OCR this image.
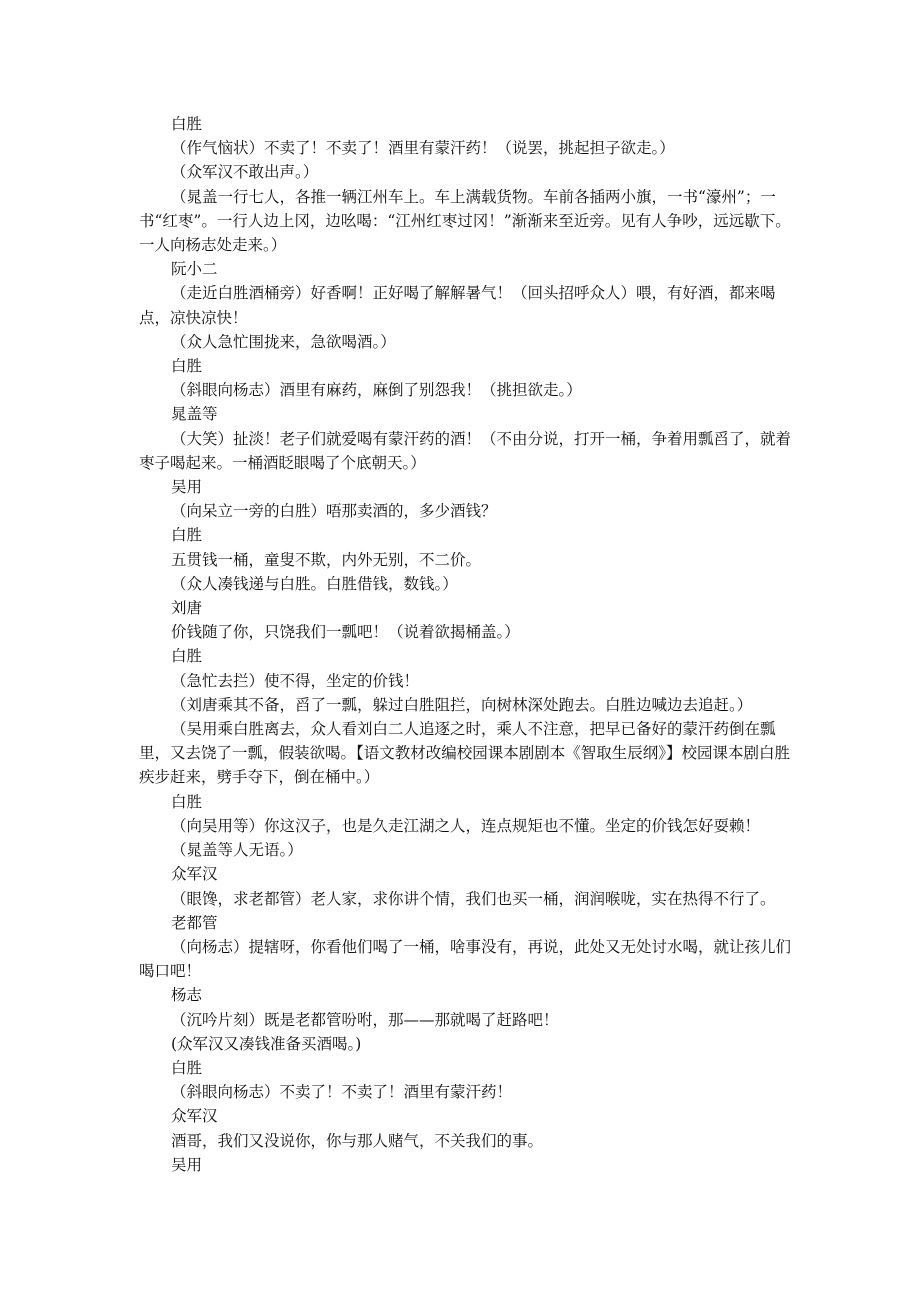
白胜

（作气恼状）不卖了！不卖了！酒里有蒙汗药！（说罢，挑起担子欲走。）

（众军汉不敢出声。）

（晁盖一行七人，各推一辆江州车上。车上满载货物。车前各插两小旗，一书“濠州”；一书“红枣”。一行人边上冈，边吆喝：“江州红枣过冈！”渐渐来至近旁。见有人争吵，远远歇下。一人向杨志处走来。）

阮小二

（走近白胜酒桶旁）好香啊！正好喝了解解暑气！（回头招呼众人）喂，有好酒，都来喝点，凉快凉快！

（众人急忙围拢来，急欲喝酒。）

白胜

（斜眼向杨志）酒里有麻药，麻倒了别怨我！（挑担欲走。）

晁盖等

（大笑）扯淡！老子们就爱喝有蒙汗药的酒！（不由分说，打开一桶，争着用瓢舀了，就着枣子喝起来。一桶酒眨眼喝了个底朝天。）

吴用

（向呆立一旁的白胜）唔那卖酒的，多少酒钱？

白胜

五贯钱一桶，童叟不欺，内外无别，不二价。

（众人凑钱递与白胜。白胜借钱，数钱。）

刘唐

价钱随了你，只饶我们一瓢吧！（说着欲揭桶盖。）

白胜

（急忙去拦）使不得，坐定的价钱！

（刘唐乘其不备，舀了一瓢，躲过白胜阻拦，向树林深处跑去。白胜边喊边去追赶。）

（吴用乘白胜离去，众人看刘白二人追逐之时，乘人不注意，把早已备好的蒙汗药倒在瓢里，又去饶了一瓢，假装欲喝。【语文教材改编校园课本剧剧本《智取生辰纲》】校园课本剧白胜疾步赶来，劈手夺下，倒在桶中。）

白胜

（向吴用等）你这汉子，也是久走江湖之人，连点规矩也不懂。坐定的价钱怎好耍赖！

（晁盖等人无语。）

众军汉

（眼馋，求老都管）老人家，求你讲个情，我们也买一桶，润润喉咙，实在热得不行了。

老都管

（向杨志）提辖呀，你看他们喝了一桶，啥事没有，再说，此处又无处讨水喝，就让孩儿们喝口吧！

杨志

（沉吟片刻）既是老都管吩咐，那——那就喝了赶路吧！

(众军汉又凑钱准备买酒喝。)

白胜

（斜眼向杨志）不卖了！不卖了！酒里有蒙汗药！

众军汉

酒哥，我们又没说你，你与那人赌气，不关我们的事。

吴用
